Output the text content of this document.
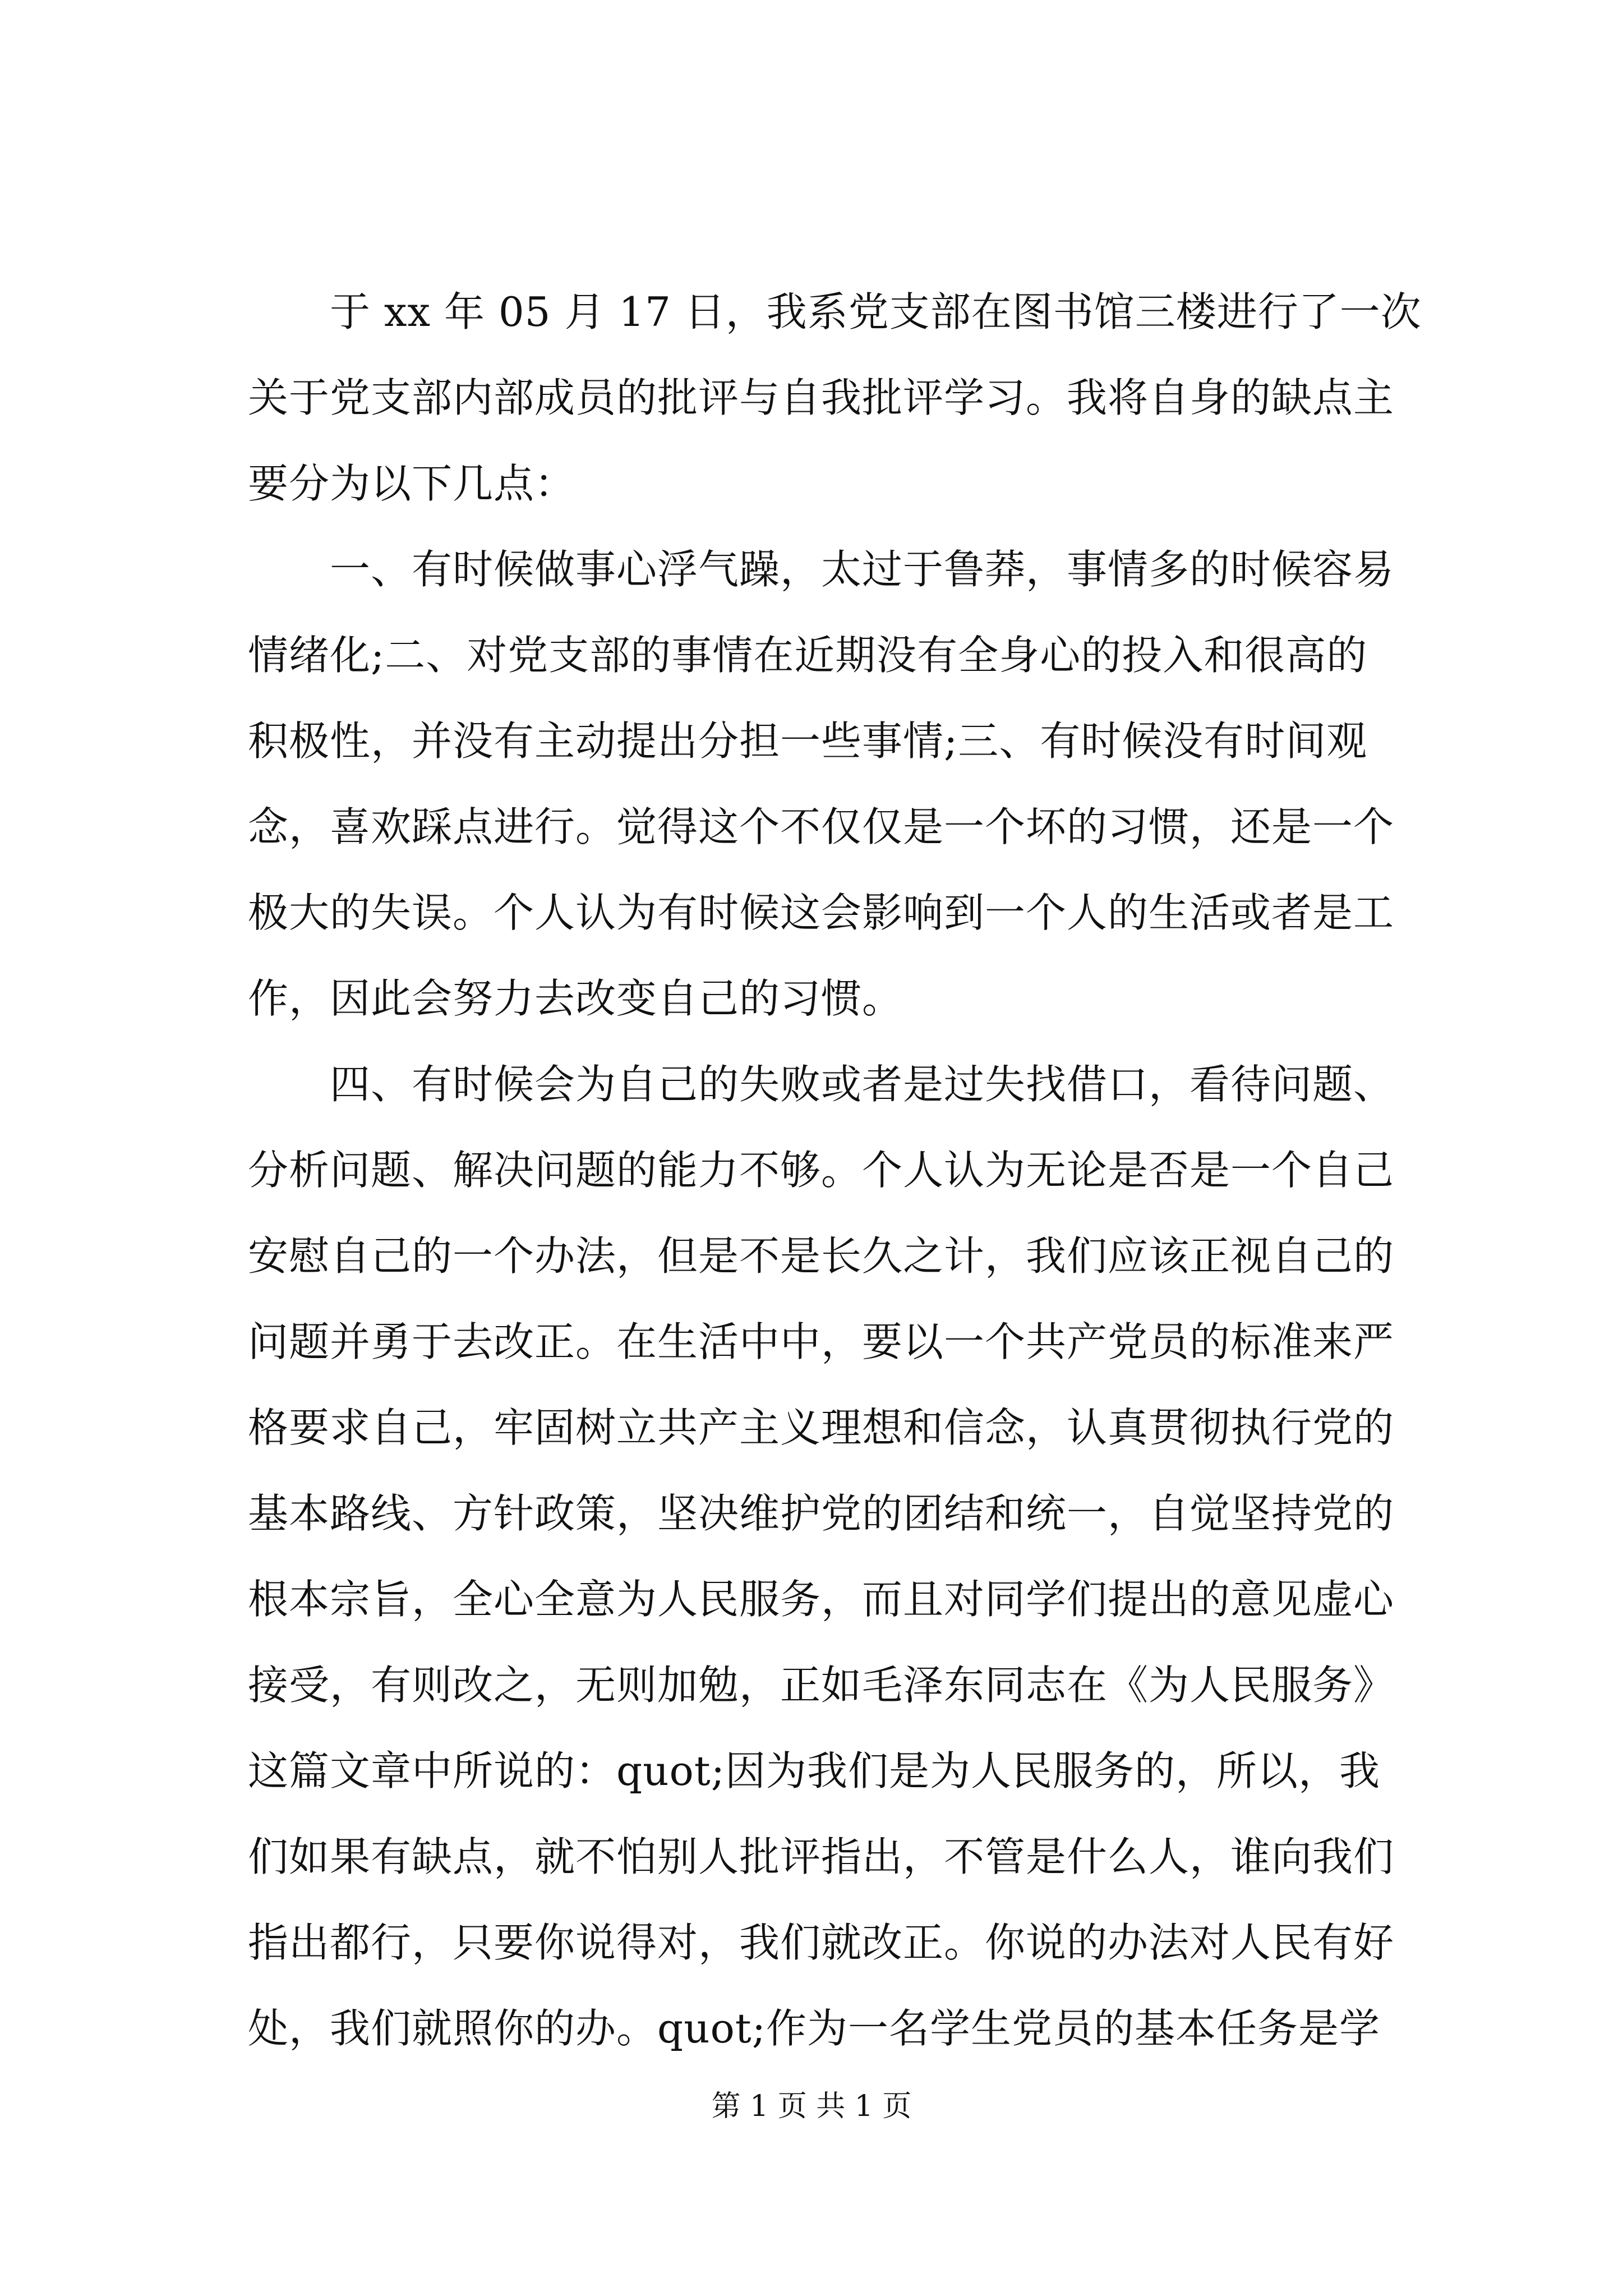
于 xx 年 05 月 17 日，我系党支部在图书馆三楼进行了一次
关于党支部内部成员的批评与自我批评学习。我将自身的缺点主
要分为以下几点：
一、有时候做事心浮气躁，太过于鲁莽，事情多的时候容易
情绪化;二、对党支部的事情在近期没有全身心的投入和很高的
积极性，并没有主动提出分担一些事情;三、有时候没有时间观
念，喜欢踩点进行。觉得这个不仅仅是一个坏的习惯，还是一个
极大的失误。个人认为有时候这会影响到一个人的生活或者是工
作，因此会努力去改变自己的习惯。
四、有时候会为自己的失败或者是过失找借口，看待问题、
分析问题、解决问题的能力不够。个人认为无论是否是一个自己
安慰自己的一个办法，但是不是长久之计，我们应该正视自己的
问题并勇于去改正。在生活中中，要以一个共产党员的标准来严
格要求自己，牢固树立共产主义理想和信念，认真贯彻执行党的
基本路线、方针政策，坚决维护党的团结和统一，自觉坚持党的
根本宗旨，全心全意为人民服务，而且对同学们提出的意见虚心
接受，有则改之，无则加勉，正如毛泽东同志在《为人民服务》
这篇文章中所说的：quot;因为我们是为人民服务的，所以，我
们如果有缺点，就不怕别人批评指出，不管是什么人，谁向我们
指出都行，只要你说得对，我们就改正。你说的办法对人民有好
处，我们就照你的办。quot;作为一名学生党员的基本任务是学
第 1 页 共 1 页
